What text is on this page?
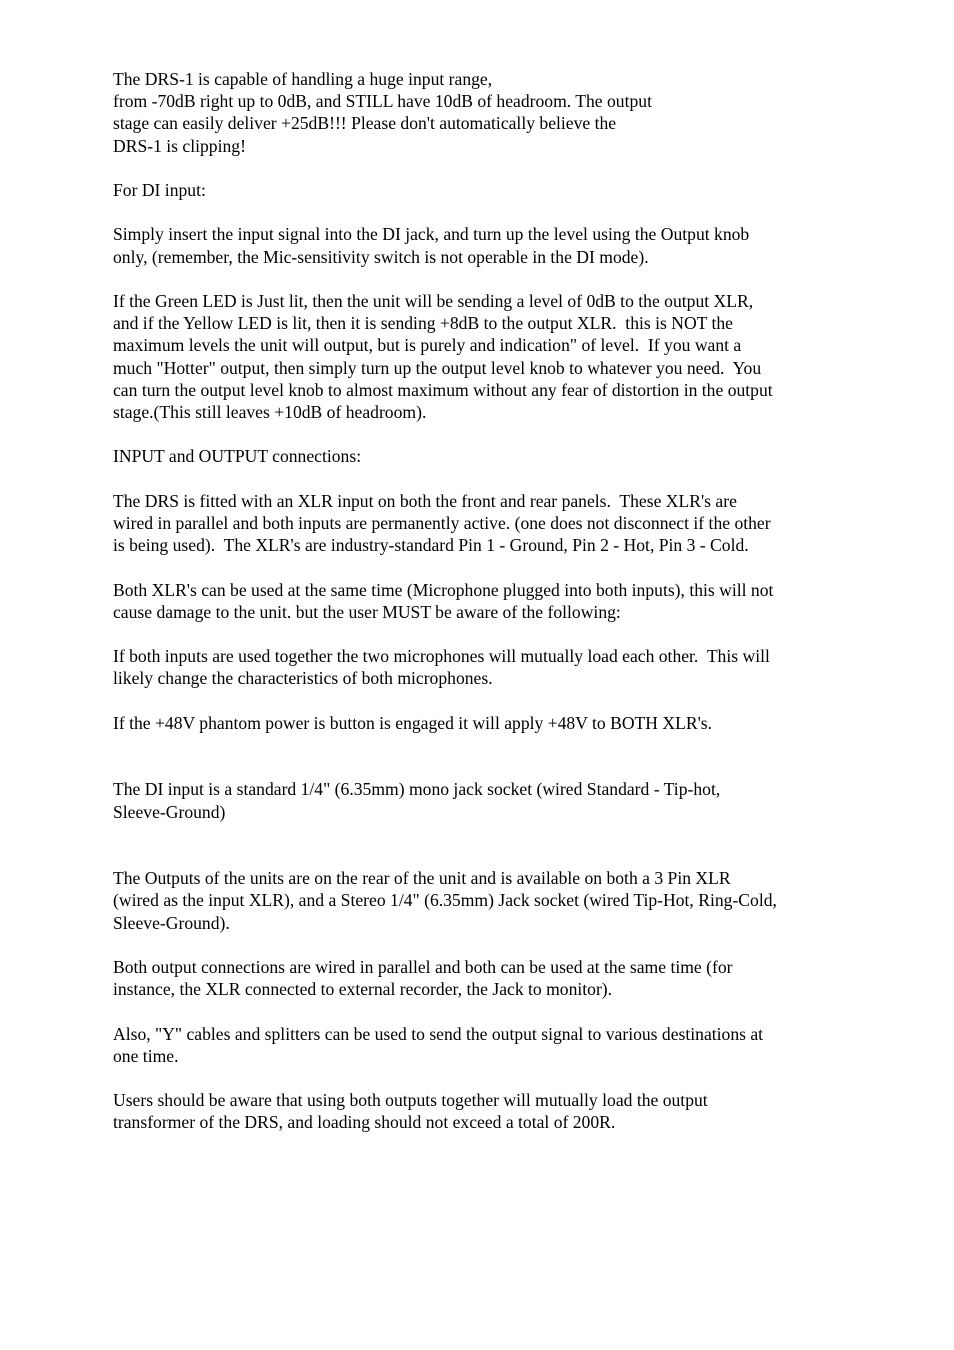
The DRS-1 is capable of handling a huge input range,
from -70dB right up to 0dB, and STILL have 10dB of headroom. The output
stage can easily deliver +25dB!!! Please don't automatically believe the
DRS-1 is clipping!
For DI input:
Simply insert the input signal into the DI jack, and turn up the level using the Output knob
only, (remember, the Mic-sensitivity switch is not operable in the DI mode).
If the Green LED is Just lit, then the unit will be sending a level of 0dB to the output XLR,
and if the Yellow LED is lit, then it is sending +8dB to the output XLR.  this is NOT the
maximum levels the unit will output, but is purely and indication" of level.  If you want a
much "Hotter" output, then simply turn up the output level knob to whatever you need.  You
can turn the output level knob to almost maximum without any fear of distortion in the output
stage.(This still leaves +10dB of headroom).
INPUT and OUTPUT connections:
The DRS is fitted with an XLR input on both the front and rear panels.  These XLR's are
wired in parallel and both inputs are permanently active. (one does not disconnect if the other
is being used).  The XLR's are industry-standard Pin 1 - Ground, Pin 2 - Hot, Pin 3 - Cold.
Both XLR's can be used at the same time (Microphone plugged into both inputs), this will not
cause damage to the unit. but the user MUST be aware of the following:
If both inputs are used together the two microphones will mutually load each other.  This will
likely change the characteristics of both microphones.
If the +48V phantom power is button is engaged it will apply +48V to BOTH XLR's.
The DI input is a standard 1/4" (6.35mm) mono jack socket (wired Standard - Tip-hot,
Sleeve-Ground)
The Outputs of the units are on the rear of the unit and is available on both a 3 Pin XLR
(wired as the input XLR), and a Stereo 1/4" (6.35mm) Jack socket (wired Tip-Hot, Ring-Cold,
Sleeve-Ground).
Both output connections are wired in parallel and both can be used at the same time (for
instance, the XLR connected to external recorder, the Jack to monitor).
Also, "Y" cables and splitters can be used to send the output signal to various destinations at
one time.
Users should be aware that using both outputs together will mutually load the output
transformer of the DRS, and loading should not exceed a total of 200R.
